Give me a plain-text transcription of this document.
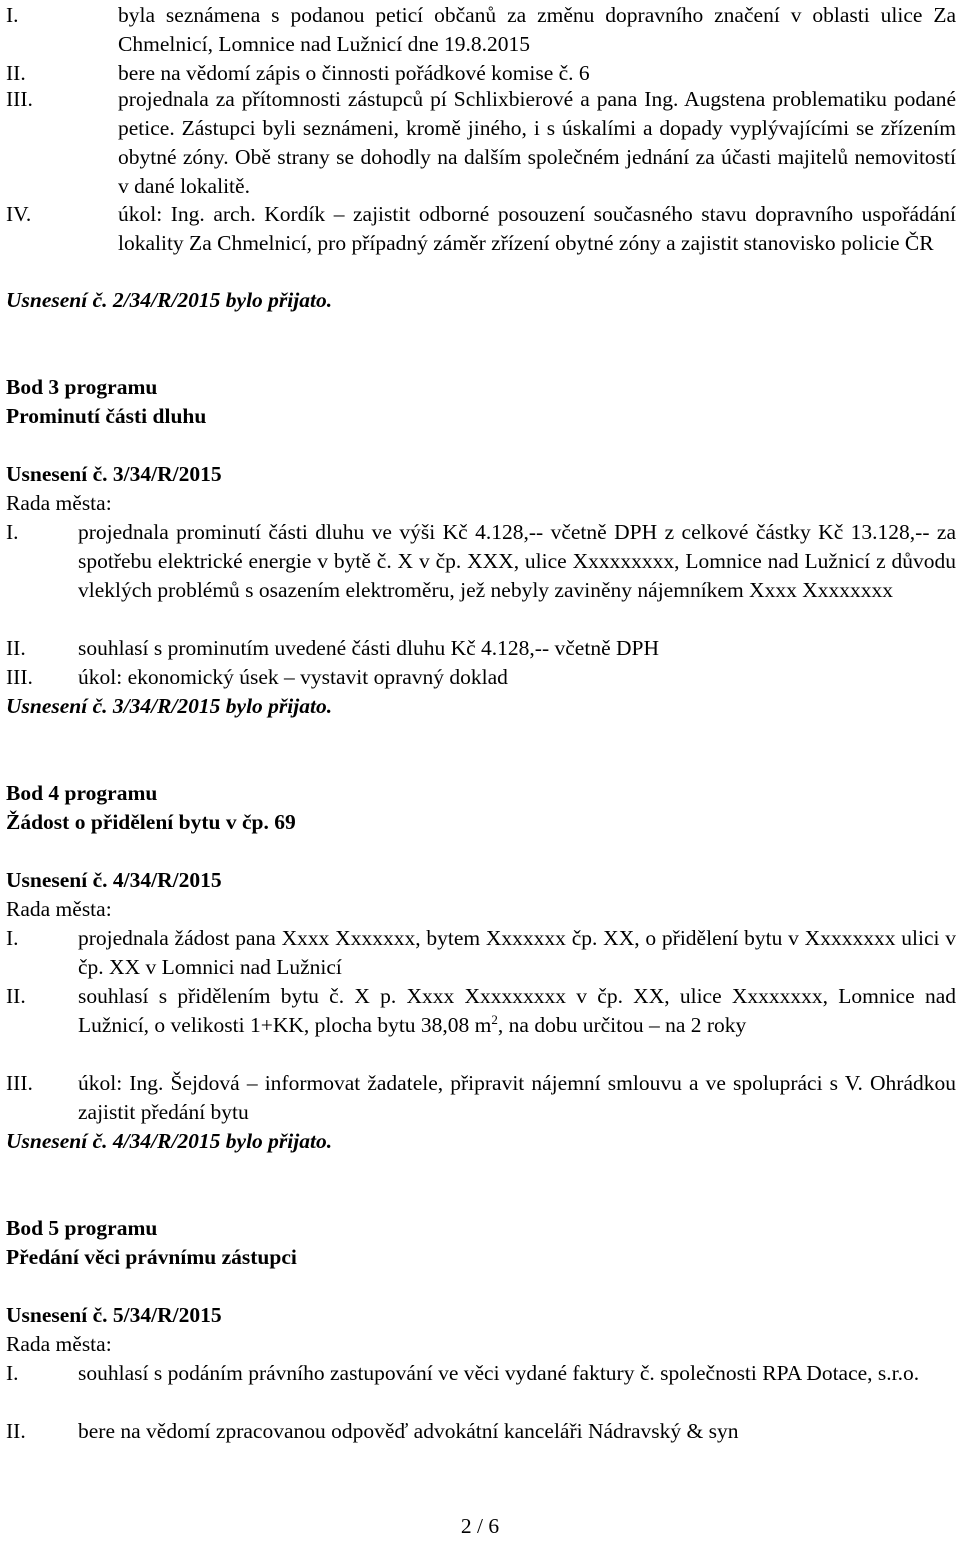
I.	byla seznámena s podanou peticí občanů za změnu dopravního značení v oblasti ulice Za Chmelnicí, Lomnice nad Lužnicí dne 19.8.2015
II.	bere na vědomí zápis o činnosti pořádkové komise č. 6
III.	projednala za přítomnosti zástupců pí Schlixbierové a pana Ing. Augstena problematiku podané petice. Zástupci byli seznámeni, kromě jiného, i s úskalími a dopady vyplývajícími se zřízením obytné zóny. Obě strany se dohodly na dalším společném jednání za účasti majitelů nemovitostí v dané lokalitě.
IV.	úkol: Ing. arch. Kordík – zajistit odborné posouzení současného stavu dopravního uspořádání lokality Za Chmelnicí, pro případný záměr zřízení obytné zóny a zajistit stanovisko policie ČR
Usnesení č. 2/34/R/2015 bylo přijato.
Bod 3 programu
Prominutí části dluhu
Usnesení č. 3/34/R/2015
Rada města:
I.	projednala prominutí části dluhu ve výši Kč 4.128,-- včetně DPH z celkové částky Kč 13.128,-- za spotřebu elektrické energie v bytě č. X v čp. XXX, ulice Xxxxxxxxx, Lomnice nad Lužnicí z důvodu vleklých problémů s osazením elektroměru, jež nebyly zaviněny nájemníkem Xxxx Xxxxxxxx
II. souhlasí s prominutím uvedené části dluhu Kč 4.128,-- včetně DPH
III. úkol: ekonomický úsek – vystavit opravný doklad
Usnesení č. 3/34/R/2015 bylo přijato.
Bod 4 programu
Žádost o přidělení bytu v čp. 69
Usnesení č. 4/34/R/2015
Rada města:
I.	projednala žádost pana Xxxx Xxxxxxx, bytem Xxxxxxx čp. XX, o přidělení bytu v Xxxxxxxx ulici v čp. XX v Lomnici nad Lužnicí
II. souhlasí s přidělením bytu č. X p. Xxxx Xxxxxxxxx v čp. XX, ulice Xxxxxxxx, Lomnice nad Lužnicí, o velikosti 1+KK, plocha bytu 38,08 $m^2$, na dobu určitou – na 2 roky
III. úkol: Ing. Šejdová – informovat žadatele, připravit nájemní smlouvu a ve spolupráci s V. Ohrádkou zajistit předání bytu
Usnesení č. 4/34/R/2015 bylo přijato.
Bod 5 programu
Předání věci právnímu zástupci
Usnesení č. 5/34/R/2015
Rada města:
I.	souhlasí s podáním právního zastupování ve věci vydané faktury č. společnosti RPA Dotace, s.r.o.
II. bere na vědomí zpracovanou odpověď advokátní kanceláři Nádravský & syn
2 / 6
